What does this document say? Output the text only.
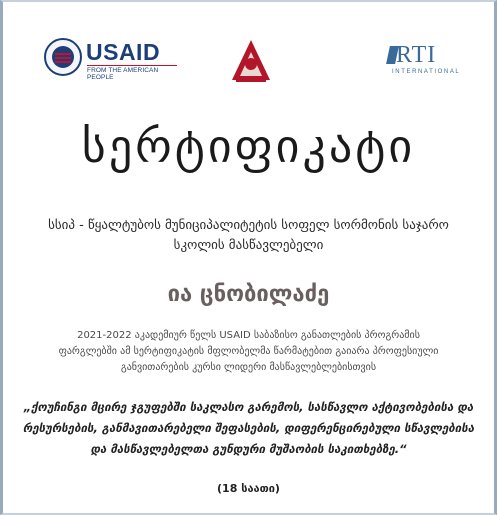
USAID
FROM THE AMERICAN PEOPLE
RTI
INTERNATIONAL
სერტიფიკატი
სსიპ - წყალტუბოს მუნიციპალიტეტის სოფელ სორმონის საჯარო სკოლის მასწავლებელი
ია ცნობილაძე
2021-2022 აკადემიურ წელს USAID საბაზისო განათლების პროგრამის ფარგლებში ამ სერტიფიკატის მფლობელმა წარმატებით გაიარა პროფესიული განვითარების კურსი ლიდერი მასწავლებლებისთვის
„ქოუჩინგი მცირე ჯგუფებში საკლასო გარემოს, სასწავლო აქტივობებისა და რესურსების, განმავითარებელი შეფასების, დიფერენცირებული სწავლებისა და მასწავლებელთა გუნდური მუშაობის საკითხებზე.“
(18 საათი)
